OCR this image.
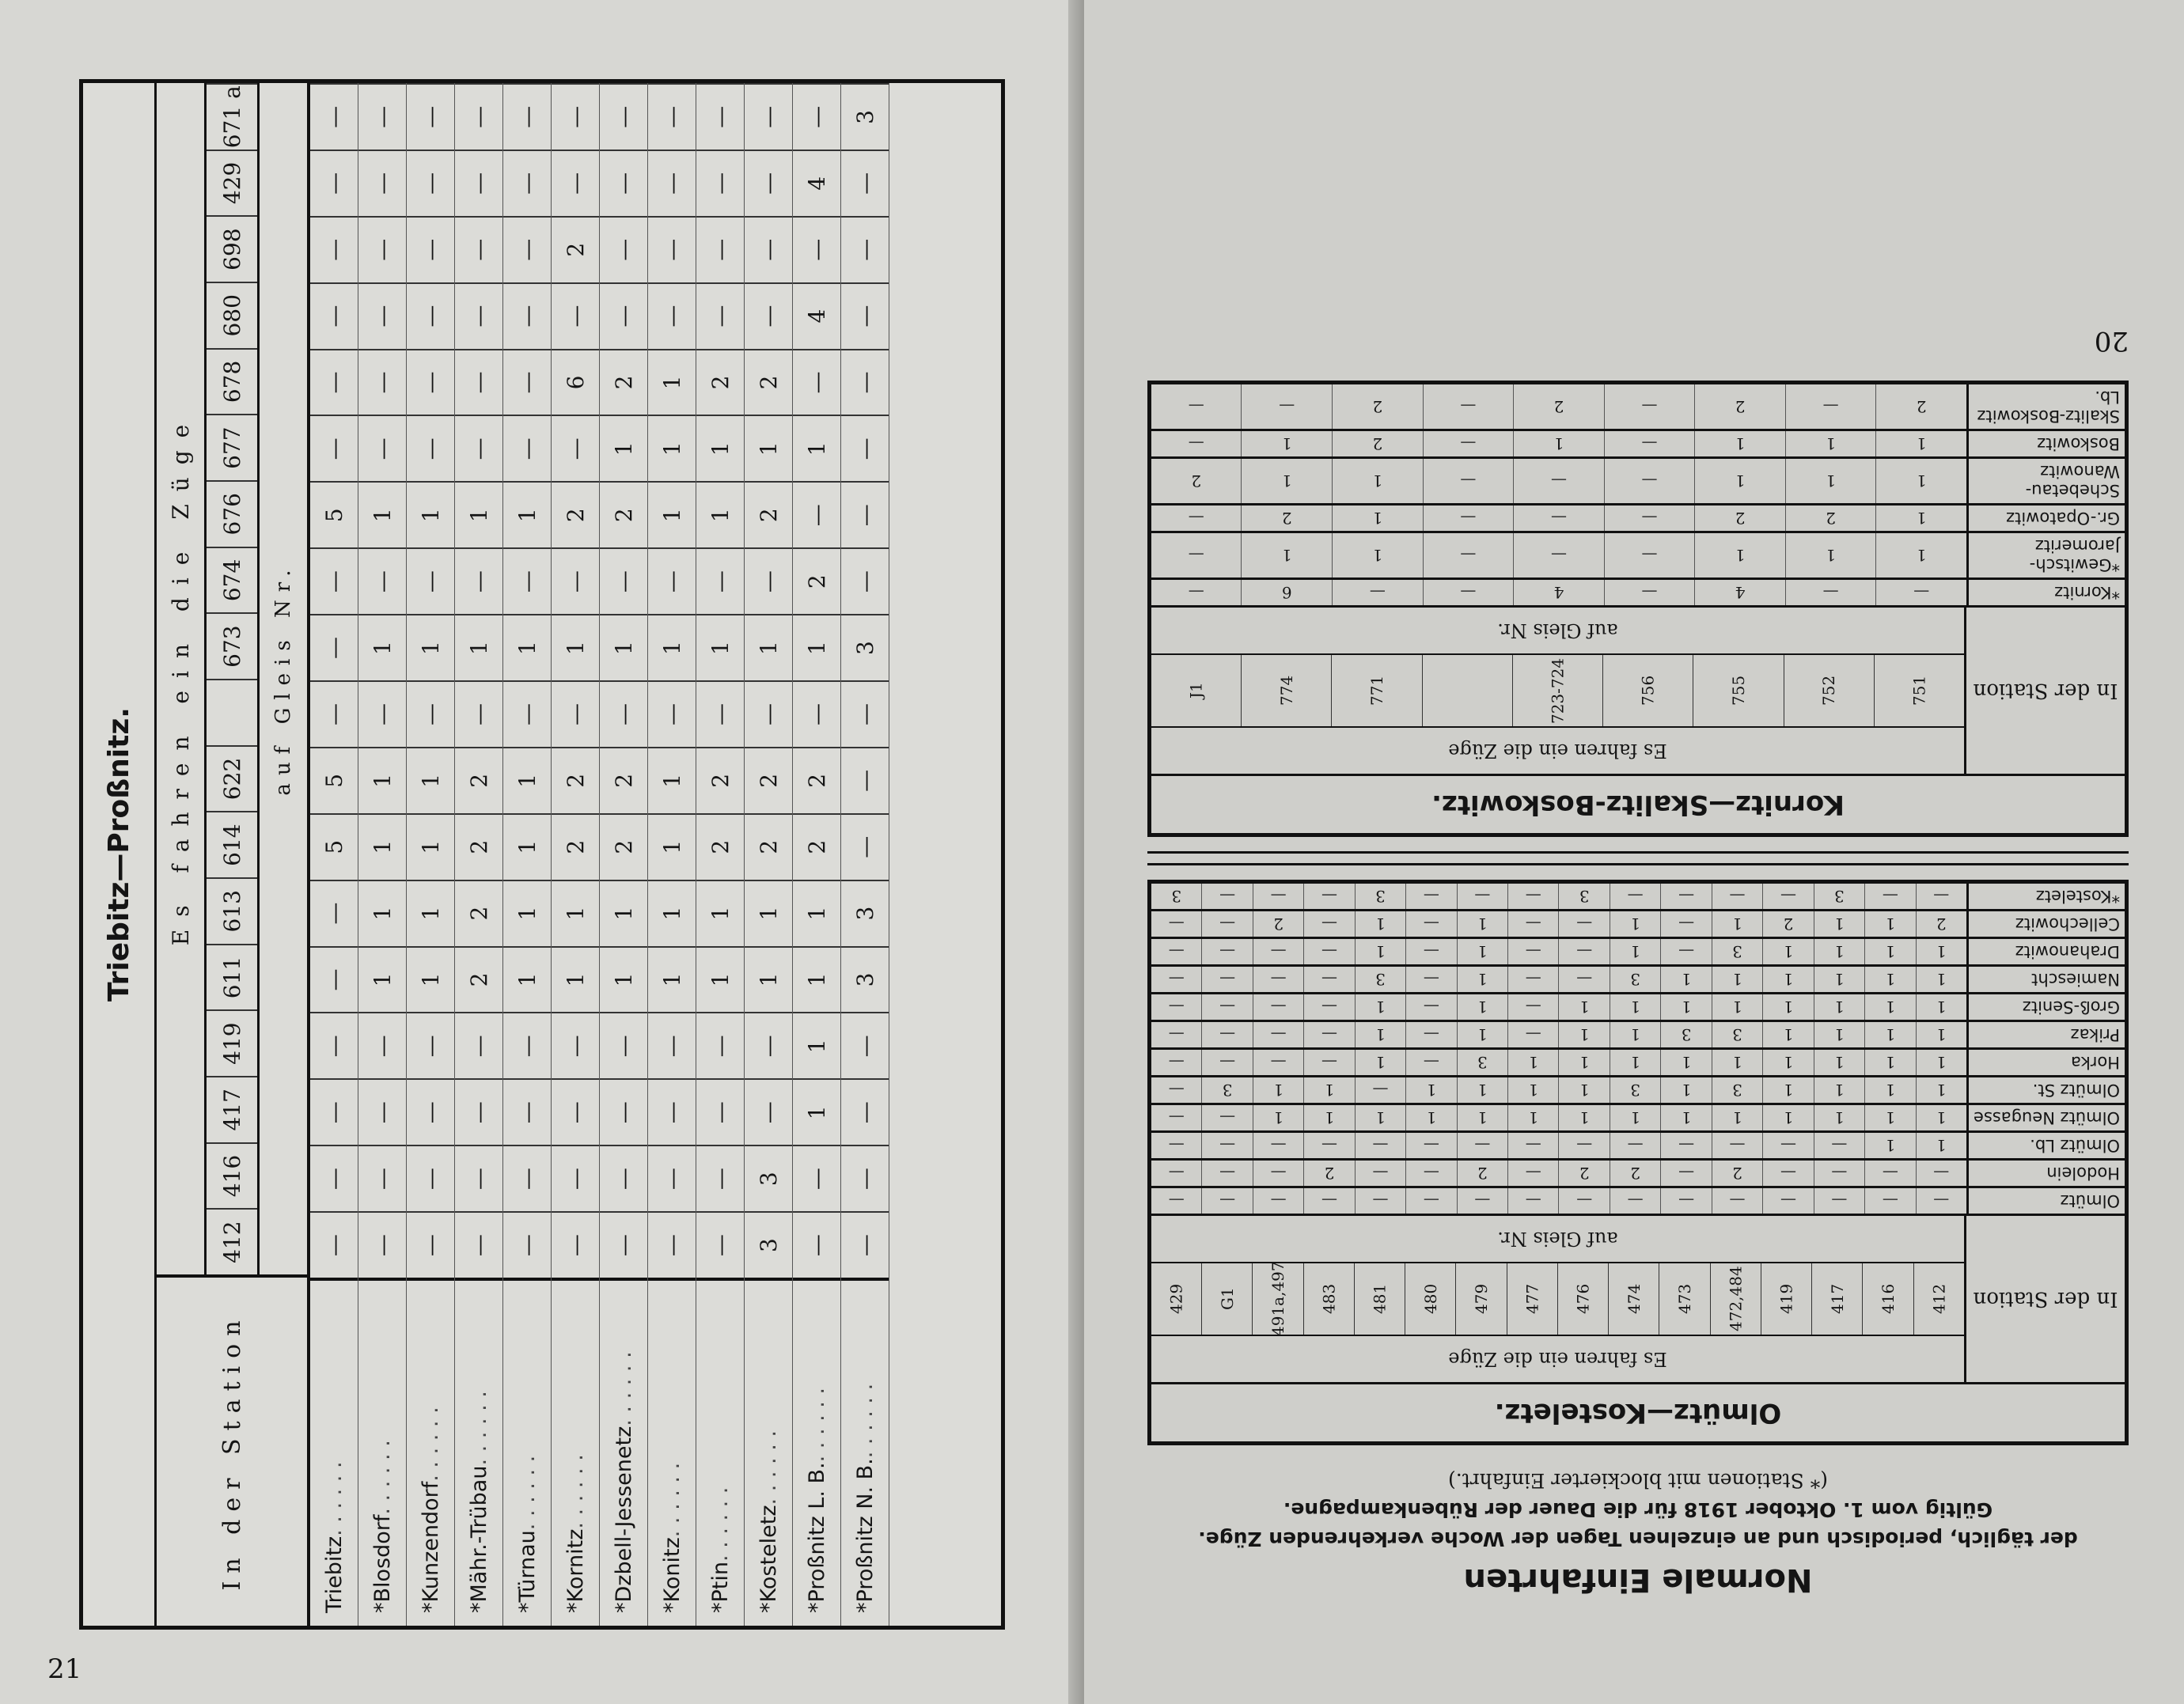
Triebitz—Proßnitz.
In der Station
Es fahren ein die Züge
412
416
417
419
611
613
614
622
673
674
676
677
678
680
698
429
671 a
auf Gleis Nr.
Triebitz . . .
—
—
—
—
—
—
5
5
—
—
—
5
—
—
—
—
—
—
*Blosdorf . . .
—
—
—
—
1
1
1
1
—
1
—
1
—
—
—
—
—
—
*Kunzendorf . . .
—
—
—
—
1
1
1
1
—
1
—
1
—
—
—
—
—
—
*Mähr.-Trübau . . .
—
—
—
—
2
2
2
2
—
1
—
1
—
—
—
—
—
—
*Türnau . . .
—
—
—
—
1
1
1
1
—
1
—
1
—
—
—
—
—
—
*Kornitz . . .
—
—
—
—
1
1
2
2
—
1
—
2
—
6
—
2
—
—
*Dzbell-Jessenetz . . .
—
—
—
—
1
1
2
2
—
1
—
2
1
2
—
—
—
—
*Konitz . . .
—
—
—
—
1
1
1
1
—
1
—
1
1
1
—
—
—
—
*Ptin . . .
—
—
—
—
1
1
2
2
—
1
—
1
1
2
—
—
—
—
*Kosteletz . . .
3
3
—
—
1
1
2
2
—
1
—
2
1
2
—
—
—
—
*Proßnitz L. B. . . .
—
—
1
1
1
1
2
2
—
1
2
—
1
—
4
—
4
—
*Proßnitz N. B. . . .
—
—
—
—
3
3
—
—
—
3
—
—
—
—
—
—
—
3
21
Normale Einfahrten
der täglich, periodisch und an einzelnen Tagen der Woche verkehrenden Züge.
Gültig vom 1. Oktober 1918 für die Dauer der Rübenkampagne.
(* Stationen mit blockierter Einfahrt.)
Olmütz—Kosteletz.
In der Station
Es fahren ein die Züge
412
416
417
419
472,484
473
474
476
477
479
480
481
483
491a,497
G1
429
auf Gleis Nr.
Olmütz
—
—
—
—
—
—
—
—
—
—
—
—
—
—
—
—
Hodolein
—
—
—
—
2
—
2
2
—
2
—
—
2
—
—
—
Olmütz Lb.
1
1
—
—
—
—
—
—
—
—
—
—
—
—
—
—
Olmütz Neugasse
1
1
1
1
1
1
1
1
1
1
1
1
1
1
—
—
Olmütz St.
1
1
1
1
3
1
3
1
1
1
1
—
1
1
3
—
Horka
1
1
1
1
1
1
1
1
1
3
—
1
—
—
—
—
Prikaz
1
1
1
1
3
3
1
1
—
1
—
1
—
—
—
—
Groß-Senitz
1
1
1
1
1
1
1
1
—
1
—
1
—
—
—
—
Namiescht
1
1
1
1
1
1
3
—
—
1
—
3
—
—
—
—
Drahanowitz
1
1
1
1
3
—
1
—
—
1
—
1
—
—
—
—
Cellechowitz
2
1
1
2
1
—
1
—
—
1
—
1
—
2
—
—
*Kosteletz
—
—
3
—
—
—
—
3
—
—
—
3
—
—
—
3
Kornitz—Skalitz-Boskowitz.
In der Station
Es fahren ein die Züge
751
752
755
756
723-724
771
774
J1
auf Gleis Nr.
*Kornitz
—
—
4
—
4
—
—
6
—
*Gewitsch-Jaromeritz
1
1
1
—
—
—
1
1
—
Gr.-Opatowitz
1
2
2
—
—
—
1
2
—
Schebetau-Wanowitz
1
1
1
—
—
—
1
1
2
Boskowitz
1
1
1
—
1
—
2
1
—
Skalitz-Boskowitz Lb.
2
—
2
—
2
—
2
—
—
20
